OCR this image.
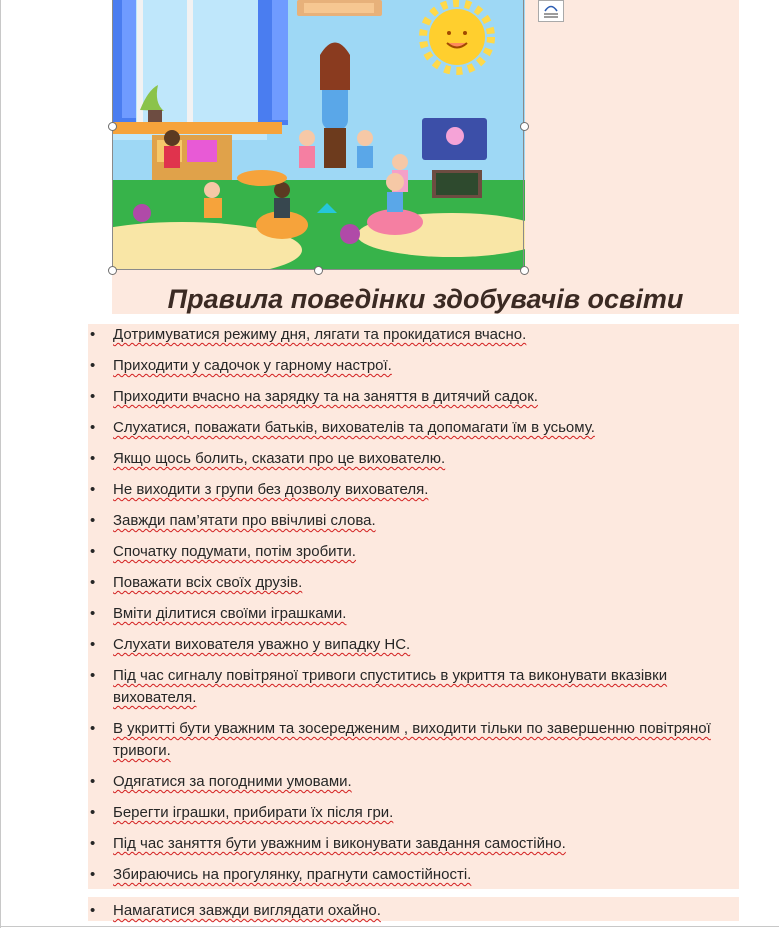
Правила поведінки здобувачів освіти
• Дотримуватися режиму дня, лягати та прокидатися вчасно.
• Приходити у садочок у гарному настрої.
• Приходити вчасно на зарядку та на заняття в дитячий садок.
• Слухатися, поважати батьків, вихователів та допомагати їм в усьому.
• Якщо щось болить, сказати про це вихователю.
• Не виходити з групи без дозволу вихователя.
• Завжди пам’ятати про ввічливі слова.
• Спочатку подумати, потім зробити.
• Поважати всіх своїх друзів.
• Вміти ділитися своїми іграшками.
• Слухати вихователя уважно у випадку НС.
• Під час сигналу повітряної тривоги спуститись в укриття та виконувати вказівки вихователя.
• В укритті бути уважним та зосередженим , виходити тільки по завершенню повітряної тривоги.
• Одягатися за погодними умовами.
• Берегти іграшки, прибирати їх після гри.
• Під час заняття бути уважним і виконувати завдання самостійно.
• Збираючись на прогулянку, прагнути самостійності.
• Намагатися завжди виглядати охайно.
